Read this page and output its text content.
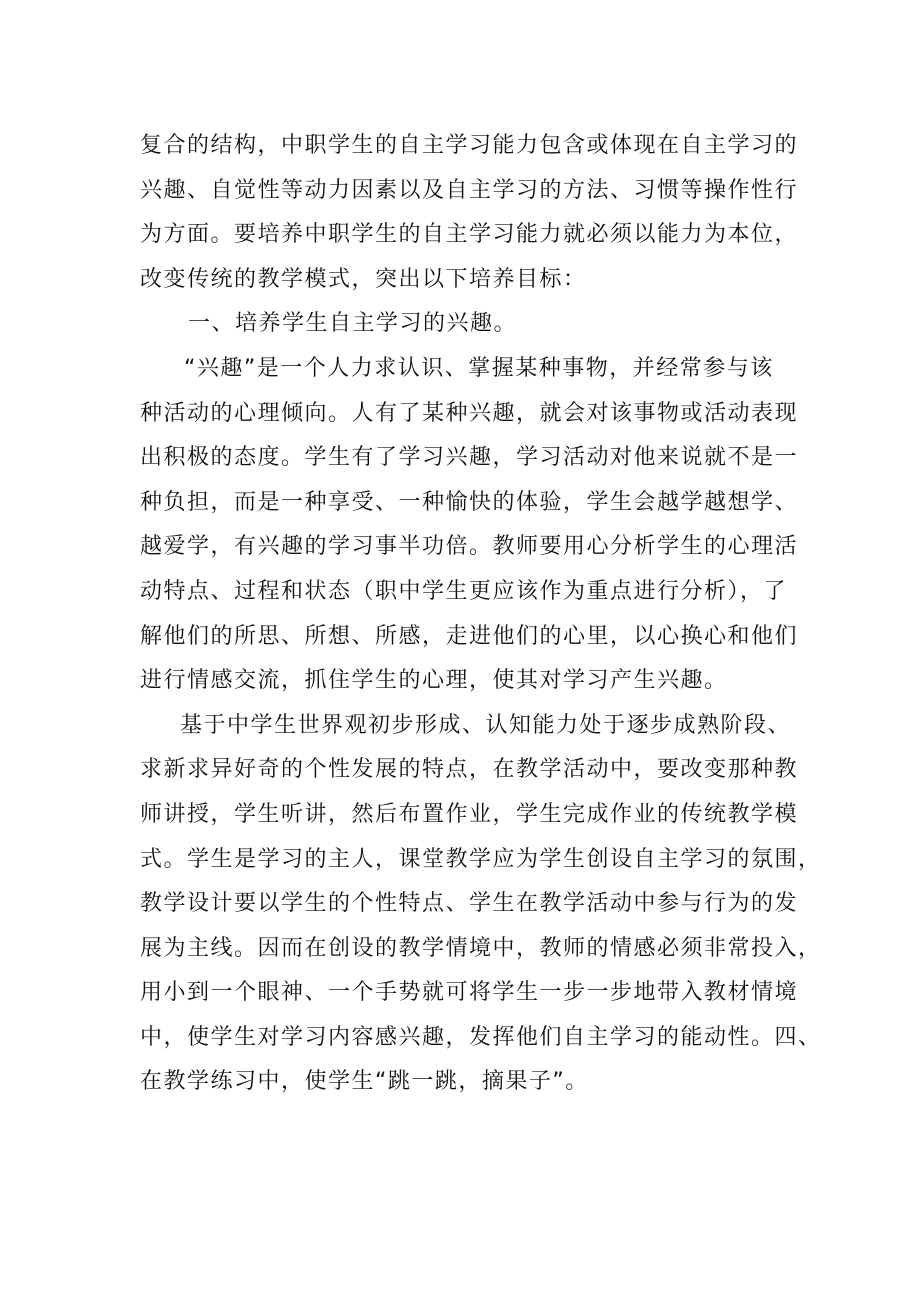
复合的结构，中职学生的自主学习能力包含或体现在自主学习的
兴趣、自觉性等动力因素以及自主学习的方法、习惯等操作性行
为方面。要培养中职学生的自主学习能力就必须以能力为本位，
改变传统的教学模式，突出以下培养目标：
一、培养学生自主学习的兴趣。
“兴趣”是一个人力求认识、掌握某种事物，并经常参与该
种活动的心理倾向。人有了某种兴趣，就会对该事物或活动表现
出积极的态度。学生有了学习兴趣，学习活动对他来说就不是一
种负担，而是一种享受、一种愉快的体验，学生会越学越想学、
越爱学，有兴趣的学习事半功倍。教师要用心分析学生的心理活
动特点、过程和状态（职中学生更应该作为重点进行分析），了
解他们的所思、所想、所感，走进他们的心里，以心换心和他们
进行情感交流，抓住学生的心理，使其对学习产生兴趣。
基于中学生世界观初步形成、认知能力处于逐步成熟阶段、
求新求异好奇的个性发展的特点，在教学活动中，要改变那种教
师讲授，学生听讲，然后布置作业，学生完成作业的传统教学模
式。学生是学习的主人，课堂教学应为学生创设自主学习的氛围，
教学设计要以学生的个性特点、学生在教学活动中参与行为的发
展为主线。因而在创设的教学情境中，教师的情感必须非常投入，
用小到一个眼神、一个手势就可将学生一步一步地带入教材情境
中，使学生对学习内容感兴趣，发挥他们自主学习的能动性。四、
在教学练习中，使学生“跳一跳，摘果子”。
